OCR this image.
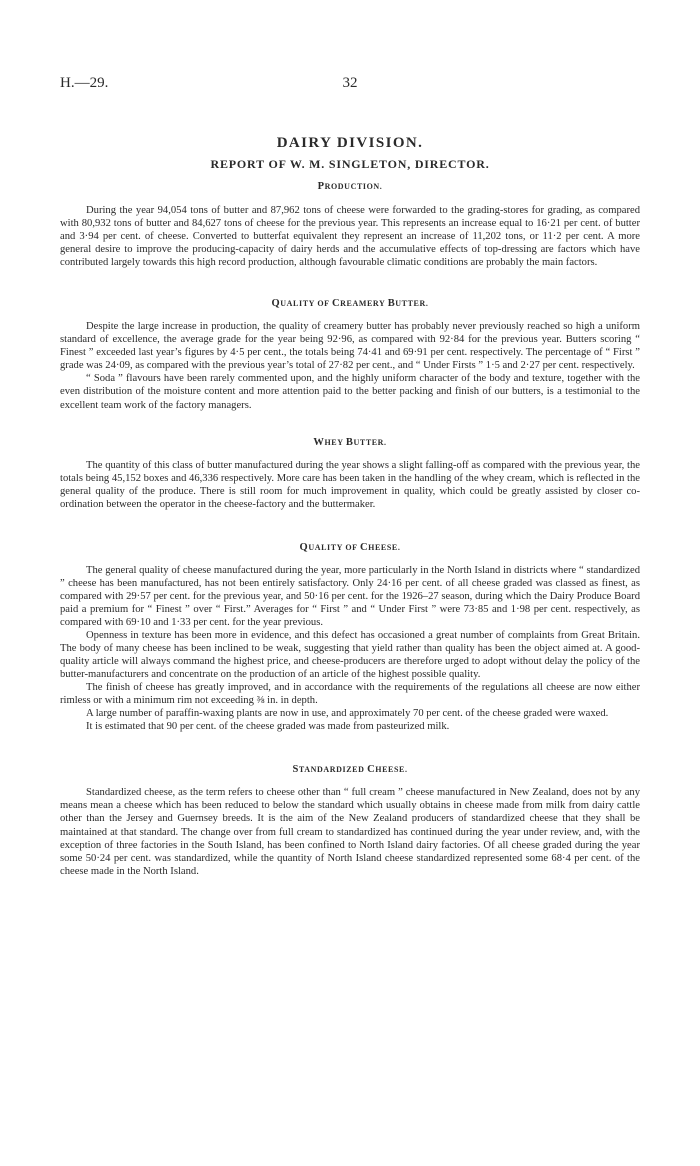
H.—29.	32
DAIRY DIVISION.
REPORT OF W. M. SINGLETON, DIRECTOR.
PRODUCTION.

During the year 94,054 tons of butter and 87,962 tons of cheese were forwarded to the grading-stores for grading, as compared with 80,932 tons of butter and 84,627 tons of cheese for the previous year. This represents an increase equal to 16·21 per cent. of butter and 3·94 per cent. of cheese. Converted to butterfat equivalent they represent an increase of 11,202 tons, or 11·2 per cent. A more general desire to improve the producing-capacity of dairy herds and the accumulative effects of top-dressing are factors which have contributed largely towards this high record production, although favourable climatic conditions are probably the main factors.

QUALITY OF CREAMERY BUTTER.

Despite the large increase in production, the quality of creamery butter has probably never previously reached so high a uniform standard of excellence, the average grade for the year being 92·96, as compared with 92·84 for the previous year. Butters scoring “ Finest ” exceeded last year’s figures by 4·5 per cent., the totals being 74·41 and 69·91 per cent. respectively. The percentage of “ First ” grade was 24·09, as compared with the previous year’s total of 27·82 per cent., and “ Under Firsts ” 1·5 and 2·27 per cent. respectively.

“ Soda ” flavours have been rarely commented upon, and the highly uniform character of the body and texture, together with the even distribution of the moisture content and more attention paid to the better packing and finish of our butters, is a testimonial to the excellent team work of the factory managers.

WHEY BUTTER.

The quantity of this class of butter manufactured during the year shows a slight falling-off as compared with the previous year, the totals being 45,152 boxes and 46,336 respectively. More care has been taken in the handling of the whey cream, which is reflected in the general quality of the produce. There is still room for much improvement in quality, which could be greatly assisted by closer co-ordination between the operator in the cheese-factory and the buttermaker.

QUALITY OF CHEESE.

The general quality of cheese manufactured during the year, more particularly in the North Island in districts where “ standardized ” cheese has been manufactured, has not been entirely satisfactory. Only 24·16 per cent. of all cheese graded was classed as finest, as compared with 29·57 per cent. for the previous year, and 50·16 per cent. for the 1926–27 season, during which the Dairy Produce Board paid a premium for “ Finest ” over “ First.” Averages for “ First ” and “ Under First ” were 73·85 and 1·98 per cent. respectively, as compared with 69·10 and 1·33 per cent. for the year previous.

Openness in texture has been more in evidence, and this defect has occasioned a great number of complaints from Great Britain. The body of many cheese has been inclined to be weak, suggesting that yield rather than quality has been the object aimed at. A good-quality article will always command the highest price, and cheese-producers are therefore urged to adopt without delay the policy of the butter-manufacturers and concentrate on the production of an article of the highest possible quality.

The finish of cheese has greatly improved, and in accordance with the requirements of the regulations all cheese are now either rimless or with a minimum rim not exceeding ⅜ in. in depth.

A large number of paraffin-waxing plants are now in use, and approximately 70 per cent. of the cheese graded were waxed.

It is estimated that 90 per cent. of the cheese graded was made from pasteurized milk.

STANDARDIZED CHEESE.

Standardized cheese, as the term refers to cheese other than “ full cream ” cheese manufactured in New Zealand, does not by any means mean a cheese which has been reduced to below the standard which usually obtains in cheese made from milk from dairy cattle other than the Jersey and Guernsey breeds. It is the aim of the New Zealand producers of standardized cheese that they shall be maintained at that standard. The change over from full cream to standardized has continued during the year under review, and, with the exception of three factories in the South Island, has been confined to North Island dairy factories. Of all cheese graded during the year some 50·24 per cent. was standardized, while the quantity of North Island cheese standardized represented some 68·4 per cent. of the cheese made in the North Island.
